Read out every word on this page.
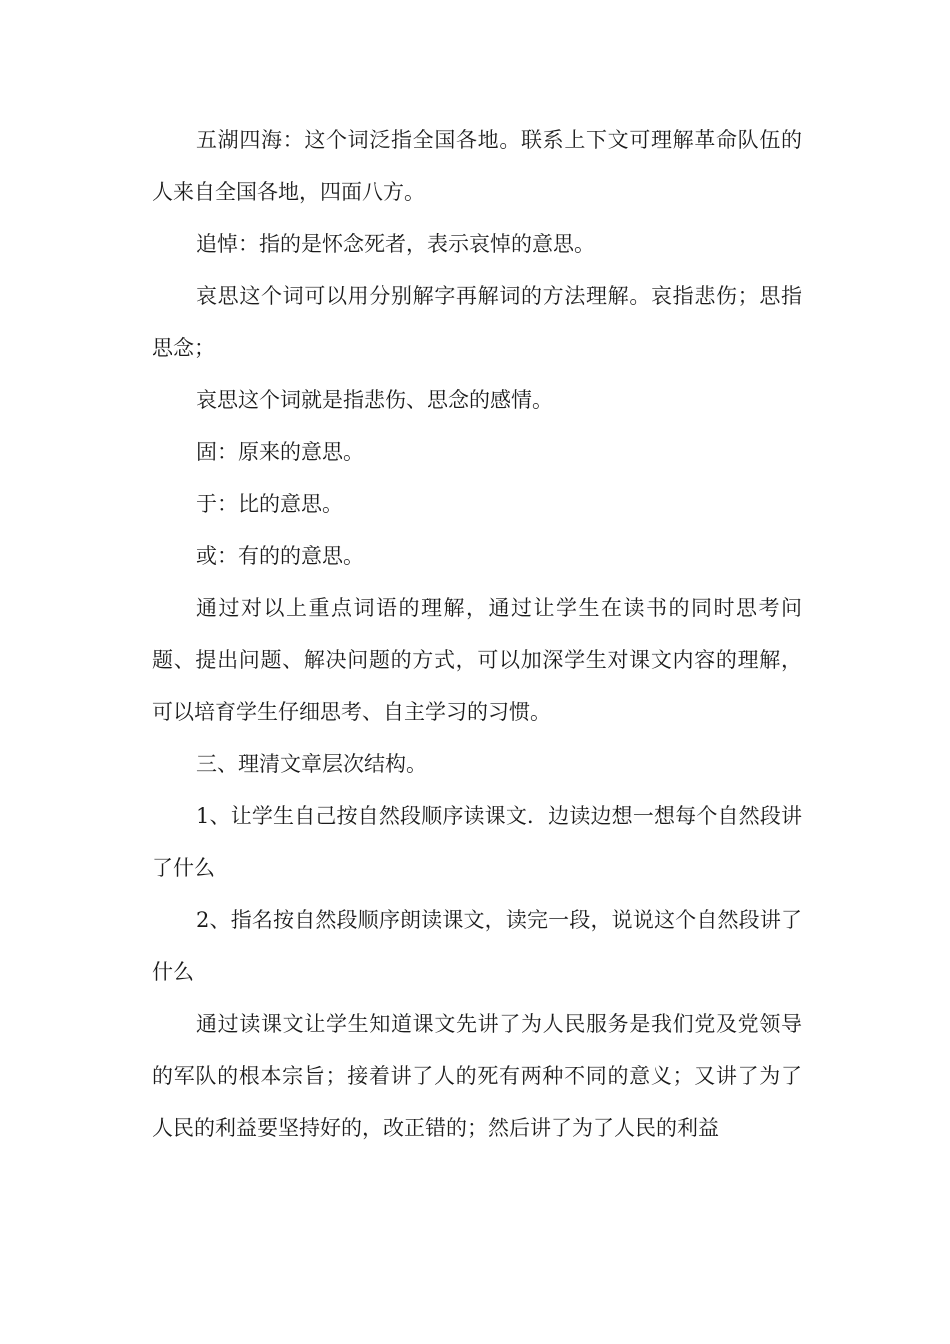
五湖四海：这个词泛指全国各地。联系上下文可理解革命队伍的人来自全国各地，四面八方。

追悼：指的是怀念死者，表示哀悼的意思。

哀思这个词可以用分别解字再解词的方法理解。哀指悲伤；思指思念；

哀思这个词就是指悲伤、思念的感情。

固：原来的意思。

于：比的意思。

或：有的的意思。

通过对以上重点词语的理解，通过让学生在读书的同时思考问题、提出问题、解决问题的方式，可以加深学生对课文内容的理解，可以培育学生仔细思考、自主学习的习惯。

三、理清文章层次结构。

1、让学生自己按自然段顺序读课文．边读边想一想每个自然段讲了什么

2、指名按自然段顺序朗读课文，读完一段，说说这个自然段讲了什么

通过读课文让学生知道课文先讲了为人民服务是我们党及党领导的军队的根本宗旨；接着讲了人的死有两种不同的意义；又讲了为了人民的利益要坚持好的，改正错的；然后讲了为了人民的利益
